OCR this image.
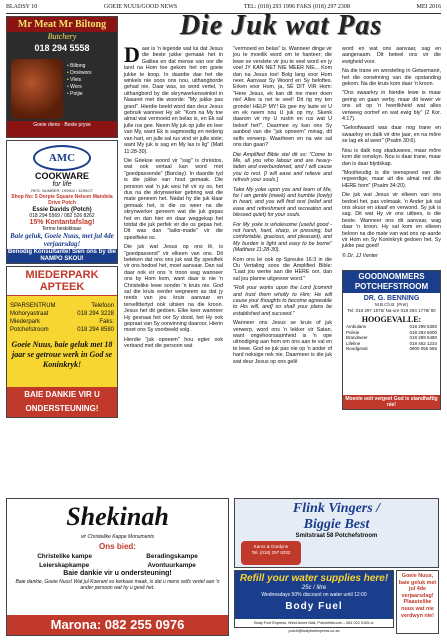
BLADSY 10	GOEIE NUUS/GOOD NEWS	TEL: (018) 293 1996 FAKS (018) 297 2308	MEI 2016
Mr Meat Mr Biltong
Butchery
018 294 5558
• Biltong
• Droëwors
• Vleis
• Wors
• Potjie
Goeie diens · Beste pryse
AMC
COOKWARE
for life
REG. NUMBER: 199502 / 4299/27
Shop No: 5 Dorpie Square Nelson Mandela Drive Potch
Essie Davids (Potch)
018 294 5569 / 082 526 8262
15% Kontantafslag!
Terme beskikbaar.
Baie geluk, Goeie Nuus, met jul 4de verjaarsdag!
Benodig Konsultante! Sien ons by die NAMPO SKOU!
MIEDERPARK APTEEK
SPARSENTRUM	Telefoon
Mohoryastraat	018 294 3228
Miederpark	Faks:
Potchefstroom	018 294 8580
Goeie Nuus, baie geluk met 18 jaar se getroue werk in God se Koninkryk!
BAIE DANKIE VIR U ONDERSTEUNING!
Die Juk wat Pas

Daar is 'n legende wat lui dat Jesus die beste jukke gemaak het in Galilea en dat mense van oor die land na Hom toe gekom het om goeie jukke te koop. In daardie dae het die winkels nie soos ons nou, uithangborde gehad nie. Daar was, so word vertel, 'n uithangbord by die skrynwerkerswinkel in Nasaret met die woorde: "My jukke pas goed". Hierdie beeld word dan deur Jesus gebruik wanneer Hy sê: "Kom na My toe almal wat vermoeid en belas is, en Ek sal julle rus gee. Neem My juk op julle en leer van My, want Ek is sagmoedig en nederig van hart, en julle sal rus vind vir julle siele; want My juk is sag en My las is lig" (Matt 11:28-30).

Die Griekse woord vir "sag" is chrëstos, wat ook vertaal kan word met "goedpassende" (Barclay). In daardie tyd is die jukke van hout gemaak. Die persoon wat 'n juk wou hê vir sy os, het dus na die skrynwerker gebring wat die mate geneem het. Nadat hy die juk klaar gemaak het, is die os weer na die skrynwerker geneem wat die juk gepas het en dan hier en daar weggekap het totdat die juk perfek vir die os gepas het. Dit was dan "tailor-made" vir die spesifieke os.

Die juk wat Jesus op ons lê, is "goedpassend" vir elkeen van ons. Dit beteken dat ons ons juk wat By spesifiek vir ons bedoel het, moet aanvaar. Dan sal daar ook vir ons 'n troon wag wanneer ons by Hom kom, want daar is nie 'n Christelike lewe sonder 'n kruis nie. God sal die kruis eerder wegneem as dat jy reeds van jou kruis aanvaar en terselfdertyd ook uitsien na die kroon. Jesus het dit gedoen. Elke keer wanneer Hy gesnaai het oor Sy dood, het Hy ook gepraat van Sy oorwinning daaroor. Hierin moet ons Sy voorbeeld volg.

Hierdie "juk opneem" hou egter ook verband met die persoon wat

"vermoeid en belas" is. Wanneer dinge vir jou te moeilik word om te hanteer; die lewe se verslete vir jou te veel word en jy voel JY KAN NET NIE MEER NIE... Kom dan na Jesus toe! Bolg lang voor Hom neer. Aanvaar Sy Woord en Sy beloftes. Erken voor Hom, ja, SÊ DIT VIR Hom: "Here Jesus, ek kan dit nie meer doen nie! Alles is net te veel! Dit rig my ten gronde! HELP MY! Ek gee my laste vir U en ek neem nou U juk op my. Skenk daarom vir my U rustin en rus wat U beloof het!". Daarmee sy kan ons Sy aanbod van die "juk opneem" minag, dit selfs verwerp. Waarheen en na wie sal ons dan gaan?

Die Amplified Bible stel dit so: "Come to Me, all you who labour and are heavy-laden and overburdened, and I will cause you to rest. [I will ease and relieve and refresh your souls.]

Take My yoke upon you and learn of Me, for I am gentle (meek) and humble (lowly) in heart, and you will find rest (relief and ease and refreshment and recreation and blessed quiet) for your souls.

For My yoke is wholesome (useful good - not harsh, hard, sharp, or pressing, but comfortable, gracious, and pleasant), and My burden is light and easy to be borne" (Matthew 11:28-30).

Kom ons lei ook op Spreuke 16:3 in die Ou Vertaling soos die Amplified Bible: "Laat jou werke aan die HERE oor, dan sal jou planne uitgevoer word."

"Roll your works upon the Lord [commit and trust them wholly to Him; He will cause your thoughts to become agreeable to His will, and] so shall your plans be established and succeed."

Wanneer ons Jesus se kruis of juk verwerp, word ons 'n lekker vir Satan, want ongehoorsaamheid is 'n ope uitnodiging aan hom om ons aan te val en te lewe. God se juk pas nie op 'n ander of hard neksige nek nie. Daarmeer is die juk wat deur Jesus op ons gelê

word en wat ons aanvaar, sag en aangenaam. Dit beteel ons vir die ewigheid voor.

Na die trane en worsteling in Getsemané, het die oorwinning van die opstanding gekom. Na die kruis kom daar 'n kroon.

"Ons swaarkry in hierdie lewe is maar gering en gaan verby, maar dit lewer vir ons uit op 'n heerlikheid wat alles verweeg oortref en wat ewig bly" (2 Kor. 4:17).

"Geloofwaard was daar nog trane en swaarkry en dalk vir drie jaar, en na môre se lag ek al weer" (Psalm 30:6).

Nou is dalk nog skaduwees, maar môre kom die sonskyn. Nou is daar trane, maar dan is daar blydskap.

"Mooiheudig is die teenspoed van die regverdige, maar uit die almal red die HERE hom" (Psalm 34:20).

Die juk wat Jesus vir elkeen van ons bedoel het, pas volmaak. 'n Ander juk sal ons skuur en skaaf en verwond. Sy juk is sag. Dit wat Hy vir ons uitlees, is die beste. Wanneer ons dit aanvaar, wag daar 'n kroon. Hy sal kom en elkeen beloon na die mate van wat ons op aarde vir Hom en Sy Koninkryk gedoen het. Sy jukke pas goed!

© Dr. JJ Venter

GOODNOMMERS POTCHEFSTROOM
DR. G. BENNING
M.B.Ch.B. (Pret)
Tel: 018 297 1575/ Na-ure 018 294 1778/ 80
HOOGEVALLE:
Ambulans	018 299 5350
Polisie	018 293 6000
Brandweer	018 299 5480
Lifeline	018 462 1234
Noodgeval	0800 055 555
Moenie ooit vergeet God is standhaftig nie!
Shekinah
vir Christelike Kappe Monuments
Ons bied:
Christelike kampe	Beradingskampe
Leierskapkampe	Avontuurkampe
Baie dankie vir u ondersteuning!
Baie dankie, Goeie Nuus! Wat jul Koerant so kerkaas maak, is dat u mens selfs vertel aan 'n ander persoon wat hy u gesê het.
Marona: 082 255 0976
Flink Vingers /
Biggie Best
Smitstraat 58 Potchefstroom
Karos & Gordyne
Tel. (018) 297 8332
Refill your water supplies here!
25c / litre
Wednesdays 50% discount on water until 12:00
Body Fuel
Body Fuel Express, West Acres Mall, Potchefstroom – 081 022 0105 or potch@bodyfuelexpress.co.za
Goeie Nuus, baie geluk met jul 4de verjaarsdag! Plaastelike nuus wat nie verdwyn nie!
